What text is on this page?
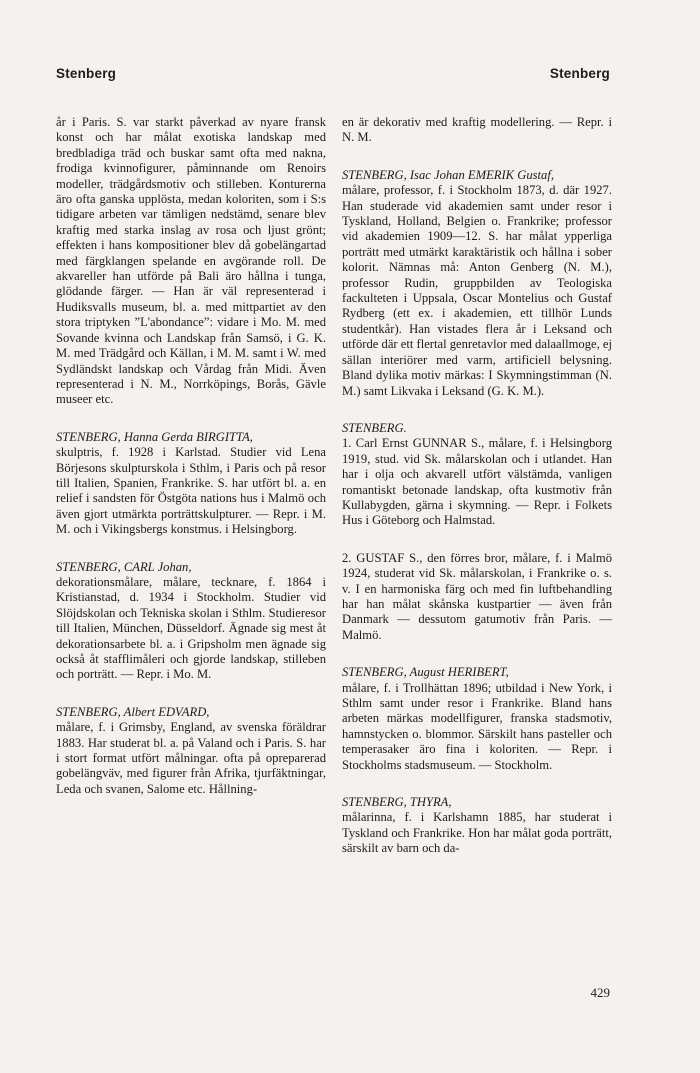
Stenberg	Stenberg

år i Paris. S. var starkt påverkad av nyare fransk konst och har målat exotiska landskap med bredbladiga träd och buskar samt ofta med nakna, frodiga kvinnofigurer, påminnande om Renoirs modeller, trädgårdsmotiv och stilleben. Konturerna äro ofta ganska upplösta, medan koloriten, som i S:s tidigare arbeten var tämligen nedstämd, senare blev kraftig med starka inslag av rosa och ljust grönt; effekten i hans kompositioner blev då gobelängartad med färgklangen spelande en avgörande roll. De akvareller han utförde på Bali äro hållna i tunga, glödande färger. — Han är väl representerad i Hudiksvalls museum, bl. a. med mittpartiet av den stora triptyken ”L'abondance”: vidare i Mo. M. med Sovande kvinna och Landskap från Samsö, i G. K. M. med Trädgård och Källan, i M. M. samt i W. med Sydländskt landskap och Vårdag från Midi. Även representerad i N. M., Norrköpings, Borås, Gävle museer etc.

STENBERG, Hanna Gerda BIRGITTA,

skulptris, f. 1928 i Karlstad. Studier vid Lena Börjesons skulpturskola i Sthlm, i Paris och på resor till Italien, Spanien, Frankrike. S. har utfört bl. a. en relief i sandsten för Östgöta nations hus i Malmö och även gjort utmärkta porträttskulpturer. — Repr. i M. M. och i Vikingsbergs konstmus. i Helsingborg.

STENBERG, CARL Johan,

dekorationsmålare, målare, tecknare, f. 1864 i Kristianstad, d. 1934 i Stockholm. Studier vid Slöjdskolan och Tekniska skolan i Sthlm. Studieresor till Italien, München, Düsseldorf. Ägnade sig mest åt dekorationsarbete bl. a. i Gripsholm men ägnade sig också åt stafflimåleri och gjorde landskap, stilleben och porträtt. — Repr. i Mo. M.

STENBERG, Albert EDVARD,

målare, f. i Grimsby, England, av svenska föräldrar 1883. Har studerat bl. a. på Valand och i Paris. S. har i stort format utfört målningar. ofta på opreparerad gobelängväv, med figurer från Afrika, tjurfäktningar, Leda och svanen, Salome etc. Hållning-

en är dekorativ med kraftig modellering. — Repr. i N. M.

STENBERG, Isac Johan EMERIK Gustaf,

målare, professor, f. i Stockholm 1873, d. där 1927. Han studerade vid akademien samt under resor i Tyskland, Holland, Belgien o. Frankrike; professor vid akademien 1909—12. S. har målat ypperliga porträtt med utmärkt karaktäristik och hållna i sober kolorit. Nämnas må: Anton Genberg (N. M.), professor Rudin, gruppbilden av Teologiska fackulteten i Uppsala, Oscar Montelius och Gustaf Rydberg (ett ex. i akademien, ett tillhör Lunds studentkår). Han vistades flera år i Leksand och utförde där ett flertal genretavlor med dalaallmoge, ej sällan interiörer med varm, artificiell belysning. Bland dylika motiv märkas: I Skymningstimman (N. M.) samt Likvaka i Leksand (G. K. M.).

STENBERG.

1. Carl Ernst GUNNAR S., målare, f. i Helsingborg 1919, stud. vid Sk. målarskolan och i utlandet. Han har i olja och akvarell utfört välstämda, vanligen romantiskt betonade landskap, ofta kustmotiv från Kullabygden, gärna i skymning. — Repr. i Folkets Hus i Göteborg och Halmstad.

2. GUSTAF S., den förres bror, målare, f. i Malmö 1924, studerat vid Sk. målarskolan, i Frankrike o. s. v. I en harmoniska färg och med fin luftbehandling har han målat skånska kustpartier — även från Danmark — dessutom gatumotiv från Paris. — Malmö.

STENBERG, August HERIBERT,

målare, f. i Trollhättan 1896; utbildad i New York, i Sthlm samt under resor i Frankrike. Bland hans arbeten märkas modellfigurer, franska stadsmotiv, hamnstycken o. blommor. Särskilt hans pasteller och temperasaker äro fina i koloriten. — Repr. i Stockholms stadsmuseum. — Stockholm.

STENBERG, THYRA,

målarinna, f. i Karlshamn 1885, har studerat i Tyskland och Frankrike. Hon har målat goda porträtt, särskilt av barn och da-

429
